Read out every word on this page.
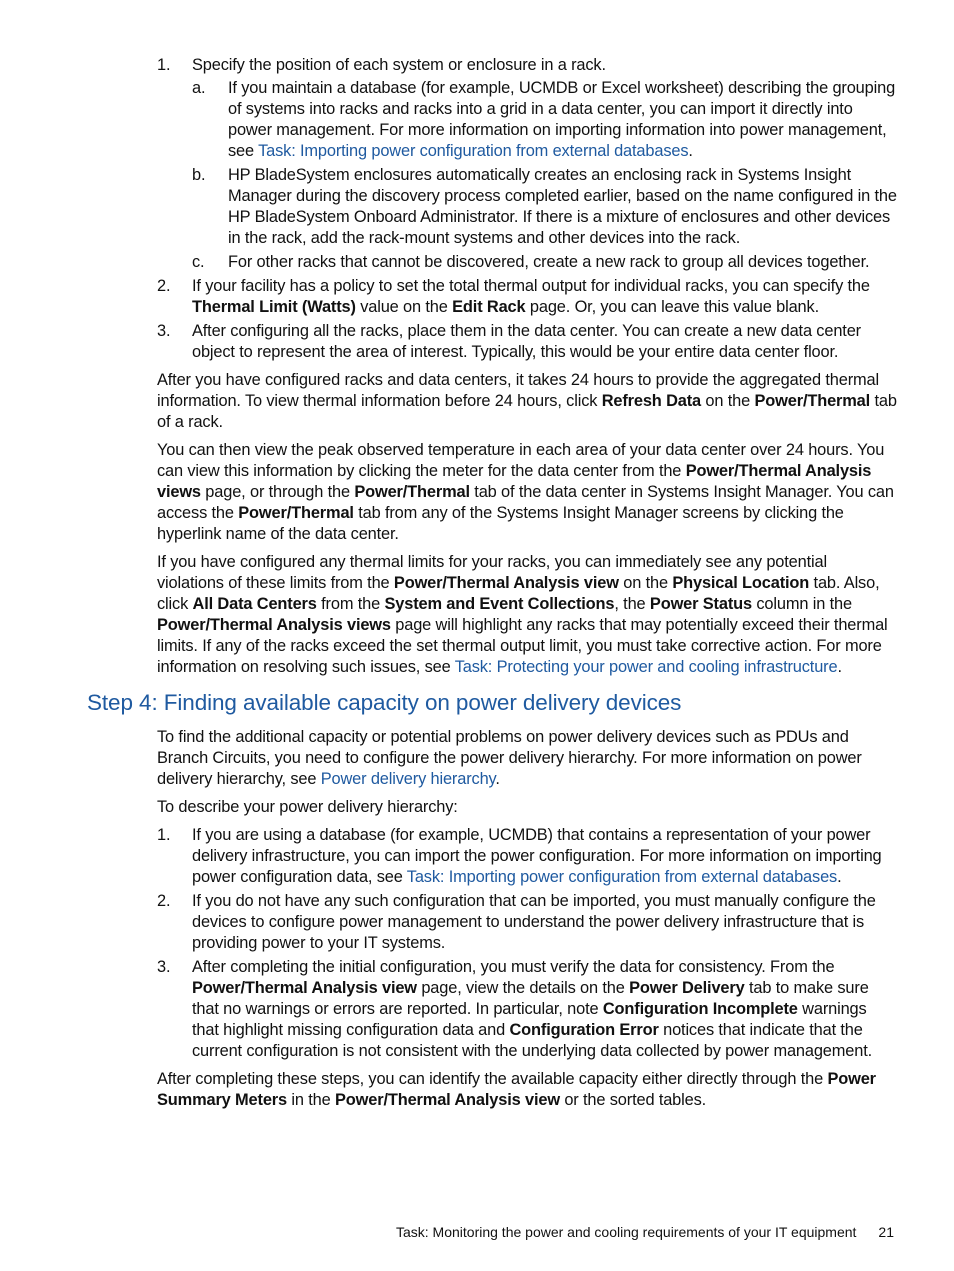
1. Specify the position of each system or enclosure in a rack.
a. If you maintain a database (for example, UCMDB or Excel worksheet) describing the grouping of systems into racks and racks into a grid in a data center, you can import it directly into power management. For more information on importing information into power management, see Task: Importing power configuration from external databases.
b. HP BladeSystem enclosures automatically creates an enclosing rack in Systems Insight Manager during the discovery process completed earlier, based on the name configured in the HP BladeSystem Onboard Administrator. If there is a mixture of enclosures and other devices in the rack, add the rack-mount systems and other devices into the rack.
c. For other racks that cannot be discovered, create a new rack to group all devices together.
2. If your facility has a policy to set the total thermal output for individual racks, you can specify the Thermal Limit (Watts) value on the Edit Rack page. Or, you can leave this value blank.
3. After configuring all the racks, place them in the data center. You can create a new data center object to represent the area of interest. Typically, this would be your entire data center floor.

After you have configured racks and data centers, it takes 24 hours to provide the aggregated thermal information. To view thermal information before 24 hours, click Refresh Data on the Power/Thermal tab of a rack.

You can then view the peak observed temperature in each area of your data center over 24 hours. You can view this information by clicking the meter for the data center from the Power/Thermal Analysis views page, or through the Power/Thermal tab of the data center in Systems Insight Manager. You can access the Power/Thermal tab from any of the Systems Insight Manager screens by clicking the hyperlink name of the data center.

If you have configured any thermal limits for your racks, you can immediately see any potential violations of these limits from the Power/Thermal Analysis view on the Physical Location tab. Also, click All Data Centers from the System and Event Collections, the Power Status column in the Power/Thermal Analysis views page will highlight any racks that may potentially exceed their thermal limits. If any of the racks exceed the set thermal output limit, you must take corrective action. For more information on resolving such issues, see Task: Protecting your power and cooling infrastructure.

Step 4: Finding available capacity on power delivery devices

To find the additional capacity or potential problems on power delivery devices such as PDUs and Branch Circuits, you need to configure the power delivery hierarchy. For more information on power delivery hierarchy, see Power delivery hierarchy.

To describe your power delivery hierarchy:

1. If you are using a database (for example, UCMDB) that contains a representation of your power delivery infrastructure, you can import the power configuration. For more information on importing power configuration data, see Task: Importing power configuration from external databases.
2. If you do not have any such configuration that can be imported, you must manually configure the devices to configure power management to understand the power delivery infrastructure that is providing power to your IT systems.
3. After completing the initial configuration, you must verify the data for consistency. From the Power/Thermal Analysis view page, view the details on the Power Delivery tab to make sure that no warnings or errors are reported. In particular, note Configuration Incomplete warnings that highlight missing configuration data and Configuration Error notices that indicate that the current configuration is not consistent with the underlying data collected by power management.

After completing these steps, you can identify the available capacity either directly through the Power Summary Meters in the Power/Thermal Analysis view or the sorted tables.

Task: Monitoring the power and cooling requirements of your IT equipment 21
